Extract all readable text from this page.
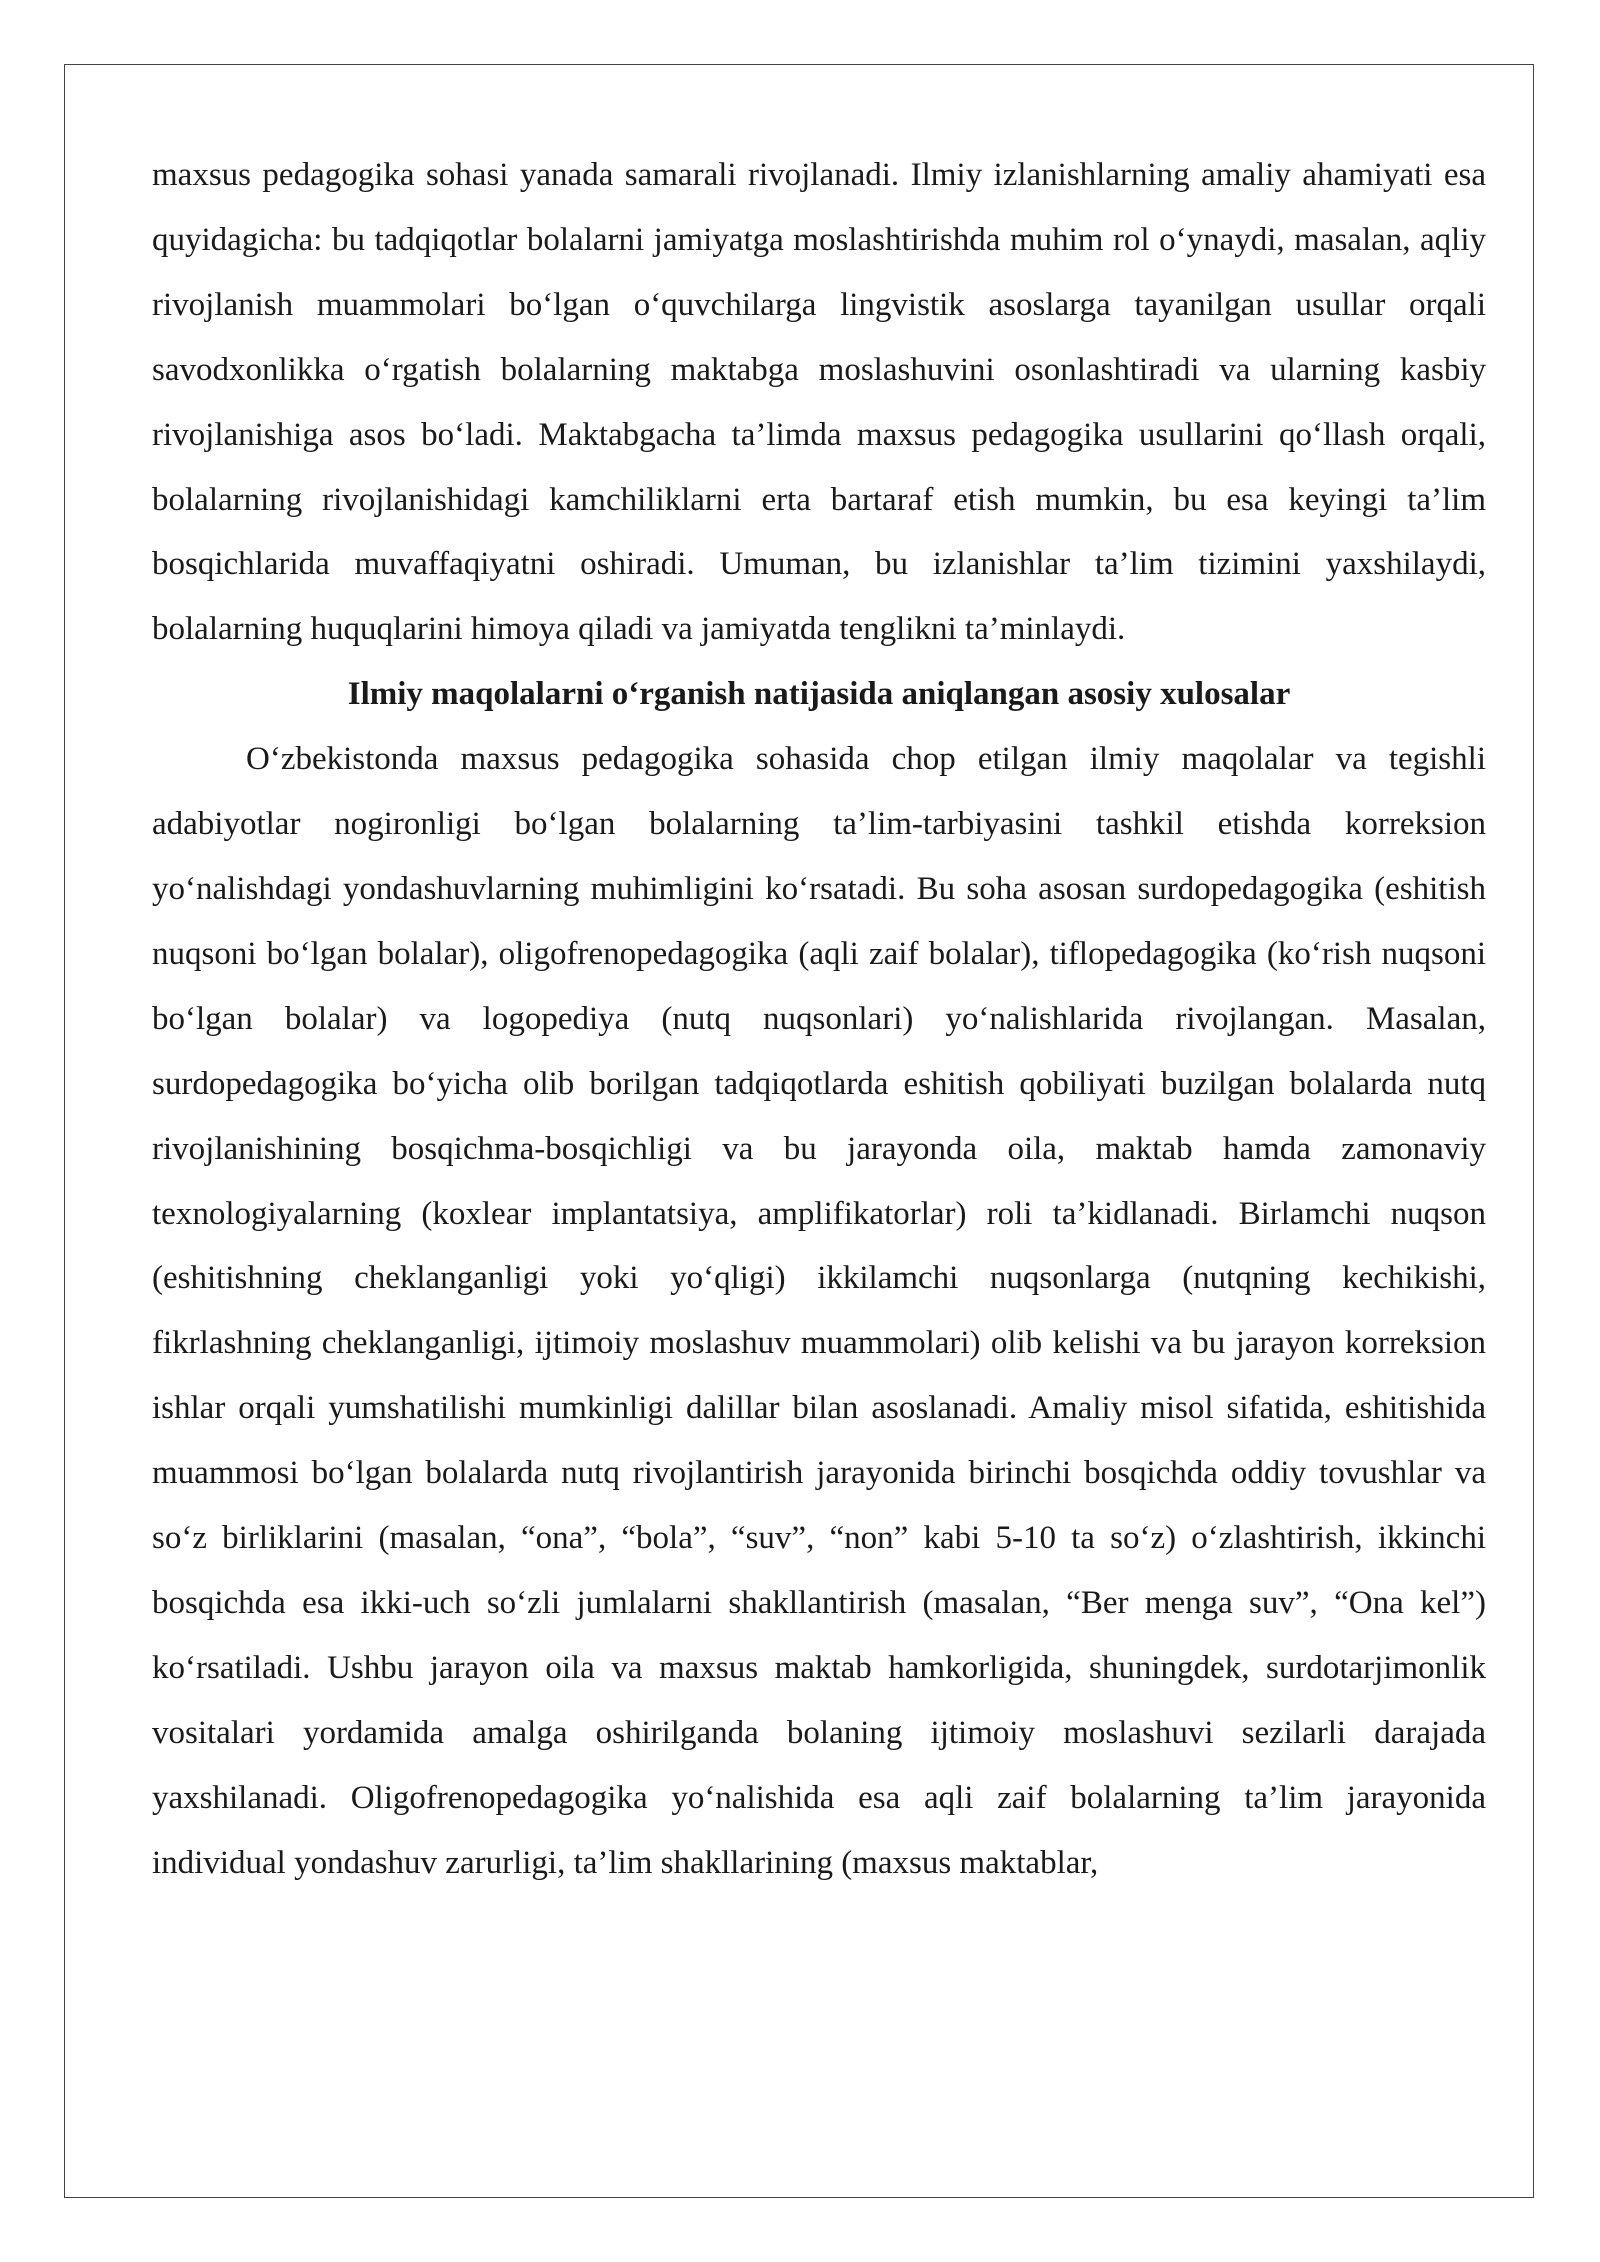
maxsus pedagogika sohasi yanada samarali rivojlanadi. Ilmiy izlanishlarning amaliy ahamiyati esa quyidagicha: bu tadqiqotlar bolalarni jamiyatga moslashtirishda muhim rol o‘ynaydi, masalan, aqliy rivojlanish muammolari bo‘lgan o‘quvchilarga lingvistik asoslarga tayanilgan usullar orqali savodxonlikka o‘rgatish bolalarning maktabga moslashuvini osonlashtiradi va ularning kasbiy rivojlanishiga asos bo‘ladi. Maktabgacha ta’limda maxsus pedagogika usullarini qo‘llash orqali, bolalarning rivojlanishidagi kamchiliklarni erta bartaraf etish mumkin, bu esa keyingi ta’lim bosqichlarida muvaffaqiyatni oshiradi. Umuman, bu izlanishlar ta’lim tizimini yaxshilaydi, bolalarning huquqlarini himoya qiladi va jamiyatda tenglikni ta’minlaydi.

Ilmiy maqolalarni o‘rganish natijasida aniqlangan asosiy xulosalar

O‘zbekistonda maxsus pedagogika sohasida chop etilgan ilmiy maqolalar va tegishli adabiyotlar nogironligi bo‘lgan bolalarning ta’lim-tarbiyasini tashkil etishda korreksion yo‘nalishdagi yondashuvlarning muhimligini ko‘rsatadi. Bu soha asosan surdopedagogika (eshitish nuqsoni bo‘lgan bolalar), oligofrenopedagogika (aqli zaif bolalar), tiflopedagogika (ko‘rish nuqsoni bo‘lgan bolalar) va logopediya (nutq nuqsonlari) yo‘nalishlarida rivojlangan. Masalan, surdopedagogika bo‘yicha olib borilgan tadqiqotlarda eshitish qobiliyati buzilgan bolalarda nutq rivojlanishining bosqichma-bosqichligi va bu jarayonda oila, maktab hamda zamonaviy texnologiyalarning (koxlear implantatsiya, amplifikatorlar) roli ta’kidlanadi. Birlamchi nuqson (eshitishning cheklanganligi yoki yo‘qligi) ikkilamchi nuqsonlarga (nutqning kechikishi, fikrlashning cheklanganligi, ijtimoiy moslashuv muammolari) olib kelishi va bu jarayon korreksion ishlar orqali yumshatilishi mumkinligi dalillar bilan asoslanadi. Amaliy misol sifatida, eshitishida muammosi bo‘lgan bolalarda nutq rivojlantirish jarayonida birinchi bosqichda oddiy tovushlar va so‘z birliklarini (masalan, “ona”, “bola”, “suv”, “non” kabi 5-10 ta so‘z) o‘zlashtirish, ikkinchi bosqichda esa ikki-uch so‘zli jumlalarni shakllantirish (masalan, “Ber menga suv”, “Ona kel”) ko‘rsatiladi. Ushbu jarayon oila va maxsus maktab hamkorligida, shuningdek, surdotarjimonlik vositalari yordamida amalga oshirilganda bolaning ijtimoiy moslashuvi sezilarli darajada yaxshilanadi. Oligofrenopedagogika yo‘nalishida esa aqli zaif bolalarning ta’lim jarayonida individual yondashuv zarurligi, ta’lim shakllarining (maxsus maktablar,
